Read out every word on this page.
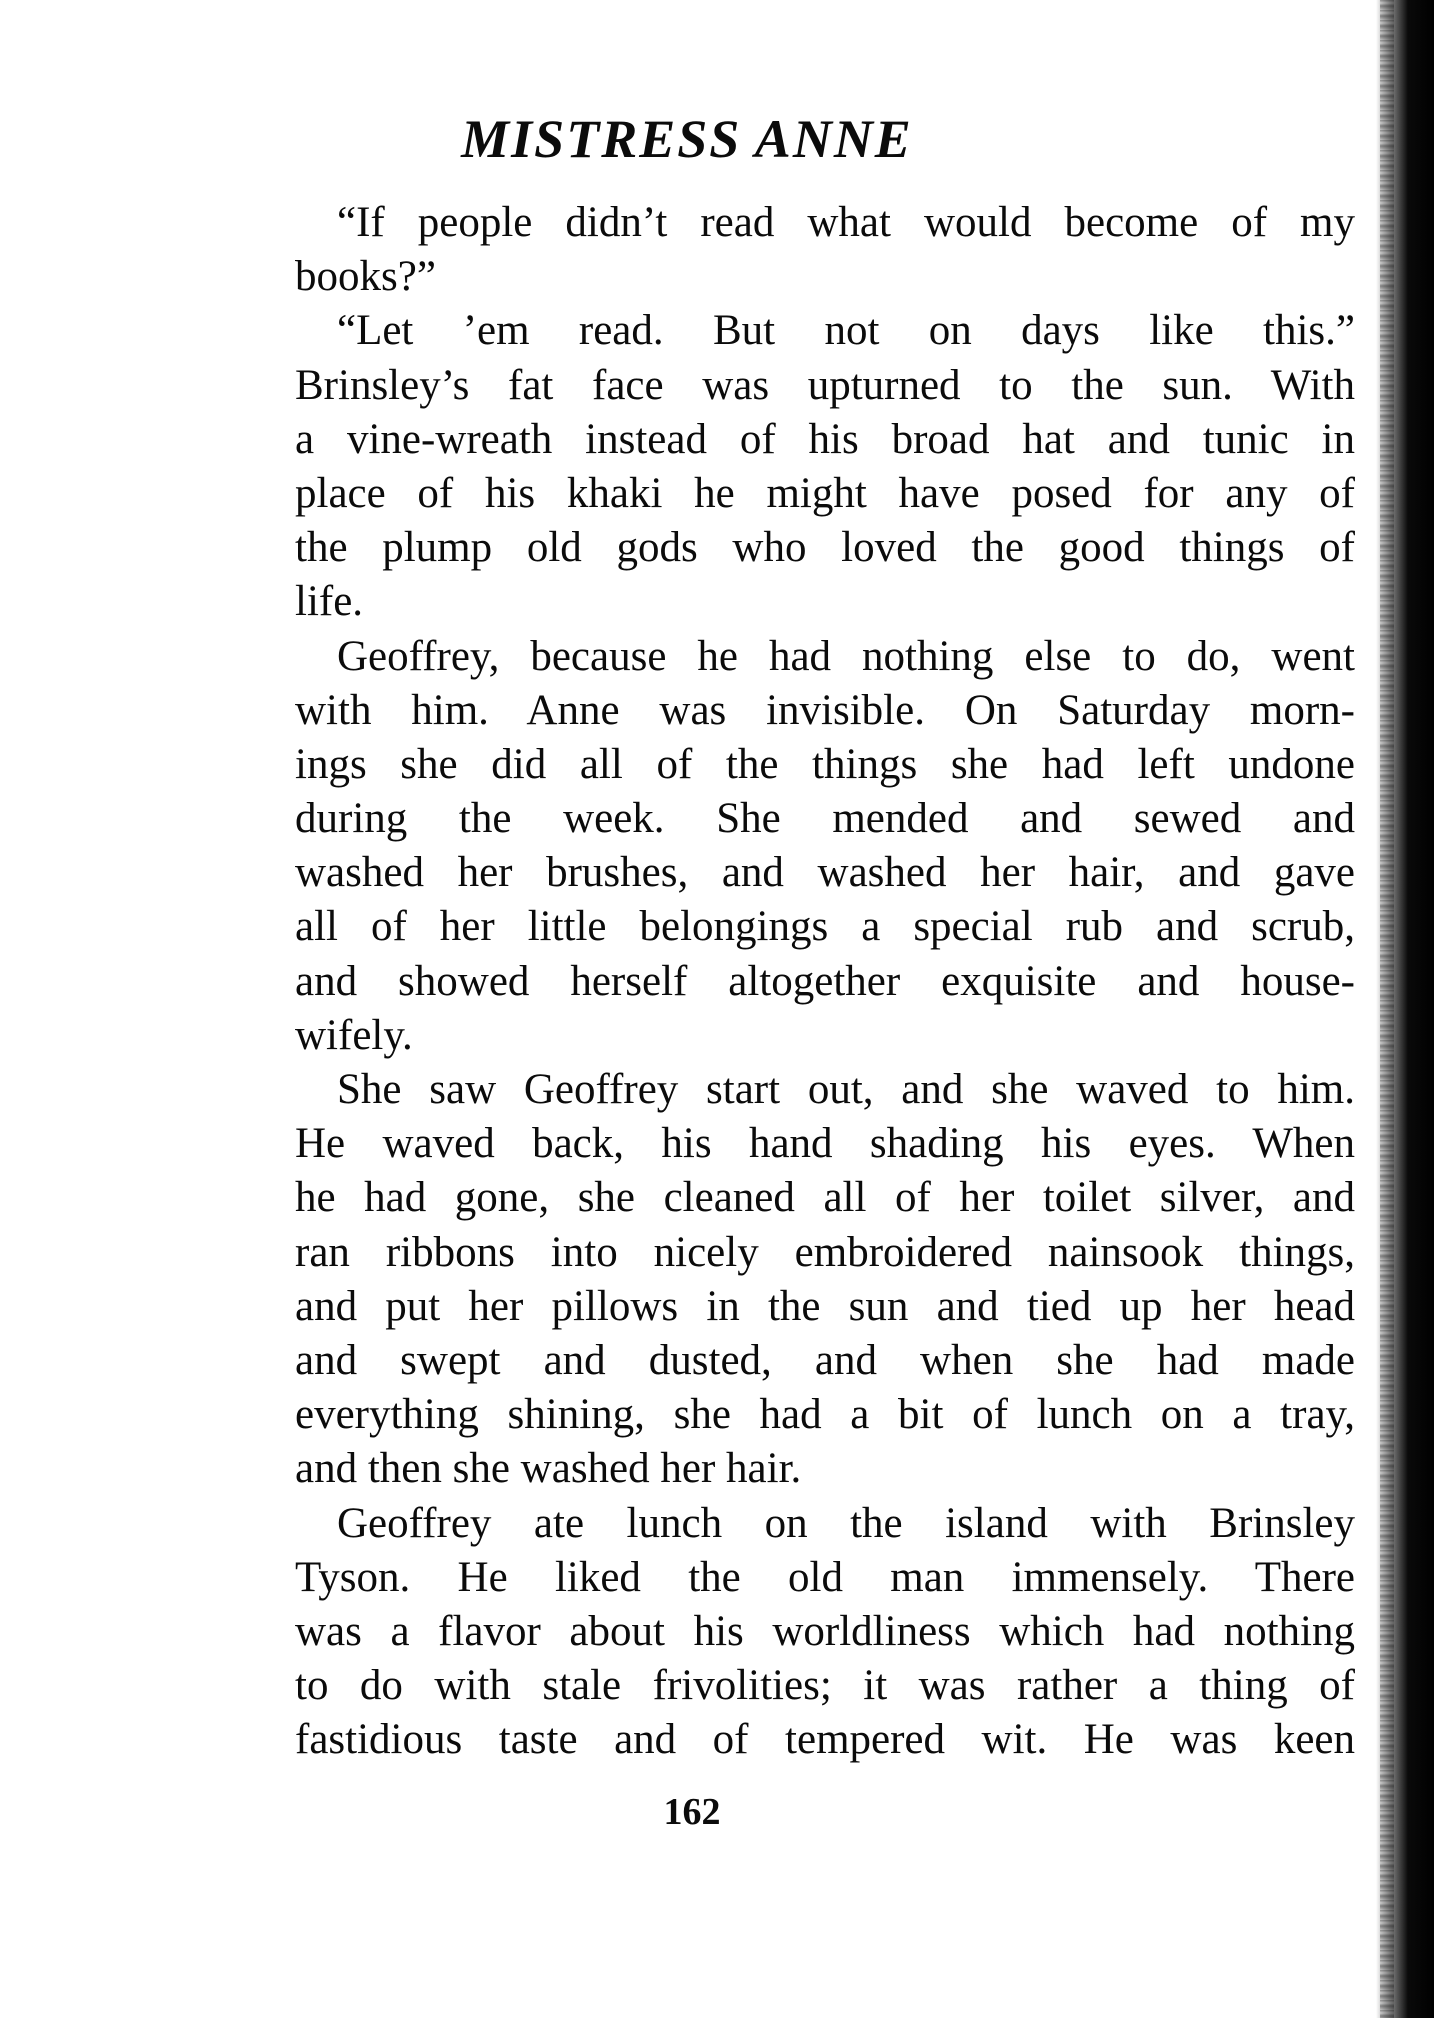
MISTRESS ANNE
“If people didn’t read what would become of my
books?”
“Let ’em read. But not on days like this.”
Brinsley’s fat face was upturned to the sun. With
a vine-wreath instead of his broad hat and tunic in
place of his khaki he might have posed for any of
the plump old gods who loved the good things of
life.
Geoffrey, because he had nothing else to do, went
with him. Anne was invisible. On Saturday morn-
ings she did all of the things she had left undone
during the week. She mended and sewed and
washed her brushes, and washed her hair, and gave
all of her little belongings a special rub and scrub,
and showed herself altogether exquisite and house-
wifely.
She saw Geoffrey start out, and she waved to him.
He waved back, his hand shading his eyes. When
he had gone, she cleaned all of her toilet silver, and
ran ribbons into nicely embroidered nainsook things,
and put her pillows in the sun and tied up her head
and swept and dusted, and when she had made
everything shining, she had a bit of lunch on a tray,
and then she washed her hair.
Geoffrey ate lunch on the island with Brinsley
Tyson. He liked the old man immensely. There
was a flavor about his worldliness which had nothing
to do with stale frivolities; it was rather a thing of
fastidious taste and of tempered wit. He was keen
162
